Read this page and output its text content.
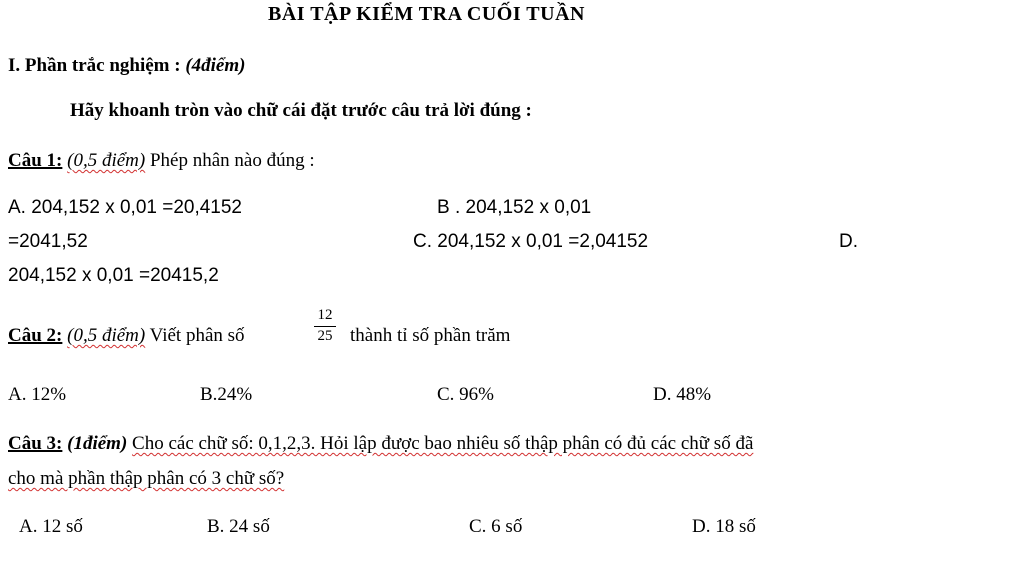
BÀI TẬP KIỂM TRA CUỐI TUẦN
I. Phần trắc nghiệm : (4điểm)
Hãy khoanh tròn vào chữ cái đặt trước câu trả lời đúng :
Câu 1: (0,5 điểm) Phép nhân nào đúng :
A. 204,152 x 0,01 =20,4152	B . 204,152 x 0,01
=2041,52	C. 204,152 x 0,01 =2,04152	D.
204,152 x 0,01 =20415,2
Câu 2: (0,5 điểm) Viết phân số
12
25 thành tỉ số phần trăm
A. 12%	B.24%	C. 96%	D. 48%
Câu 3: (1điểm) Cho các chữ số: 0,1,2,3. Hỏi lập được bao nhiêu số thập phân có đủ các chữ số đã
cho mà phần thập phân có 3 chữ số?
A. 12 số	B. 24 số	C. 6 số	D. 18 số
